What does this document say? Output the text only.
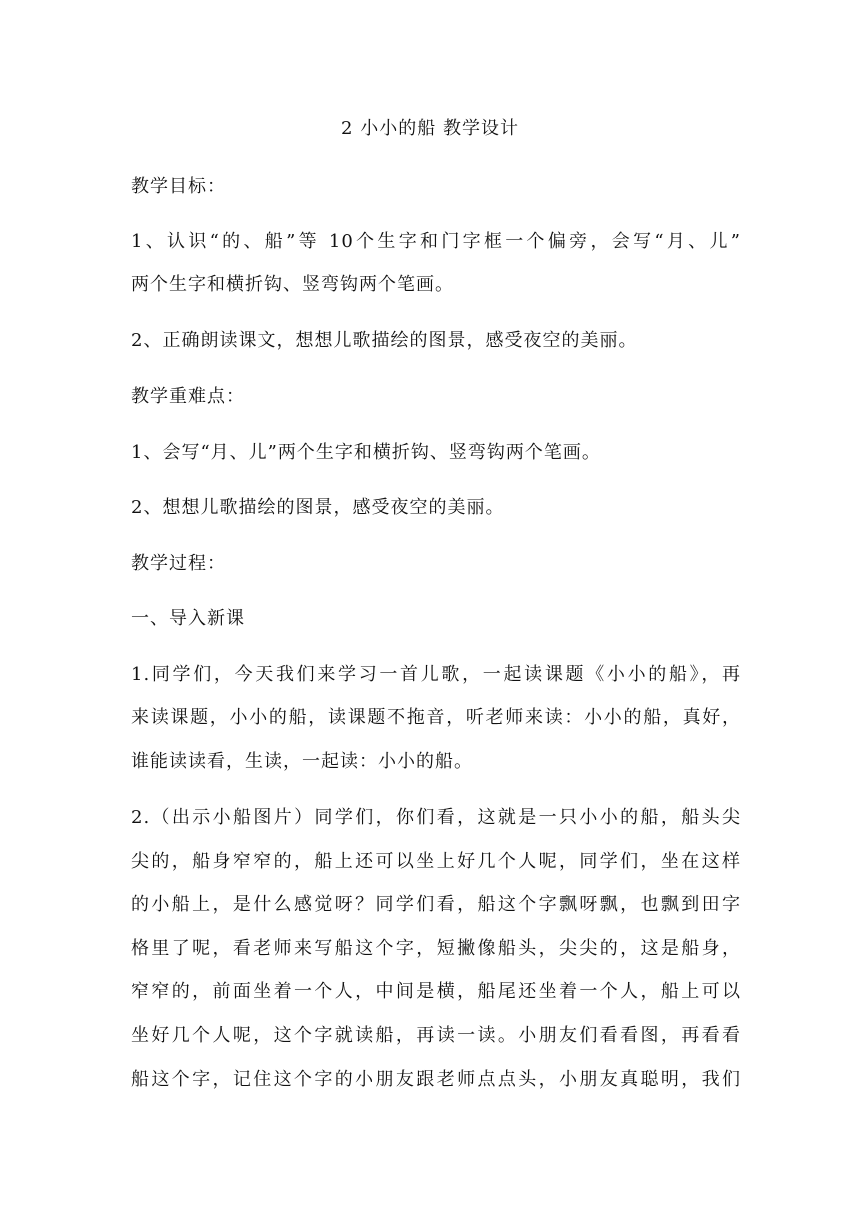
2 小小的船 教学设计
教学目标：
1、认识“的、船”等 10个生字和门字框一个偏旁，会写“月、儿”
两个生字和横折钩、竖弯钩两个笔画。
2、正确朗读课文，想想儿歌描绘的图景，感受夜空的美丽。
教学重难点：
1、会写“月、儿”两个生字和横折钩、竖弯钩两个笔画。
2、想想儿歌描绘的图景，感受夜空的美丽。
教学过程：
一、导入新课
1.同学们，今天我们来学习一首儿歌，一起读课题《小小的船》，再
来读课题，小小的船，读课题不拖音，听老师来读：小小的船，真好，
谁能读读看，生读，一起读：小小的船。
2.（出示小船图片）同学们，你们看，这就是一只小小的船，船头尖
尖的，船身窄窄的，船上还可以坐上好几个人呢，同学们，坐在这样
的小船上，是什么感觉呀？同学们看，船这个字飘呀飘，也飘到田字
格里了呢，看老师来写船这个字，短撇像船头，尖尖的，这是船身，
窄窄的，前面坐着一个人，中间是横，船尾还坐着一个人，船上可以
坐好几个人呢，这个字就读船，再读一读。小朋友们看看图，再看看
船这个字，记住这个字的小朋友跟老师点点头，小朋友真聪明，我们
